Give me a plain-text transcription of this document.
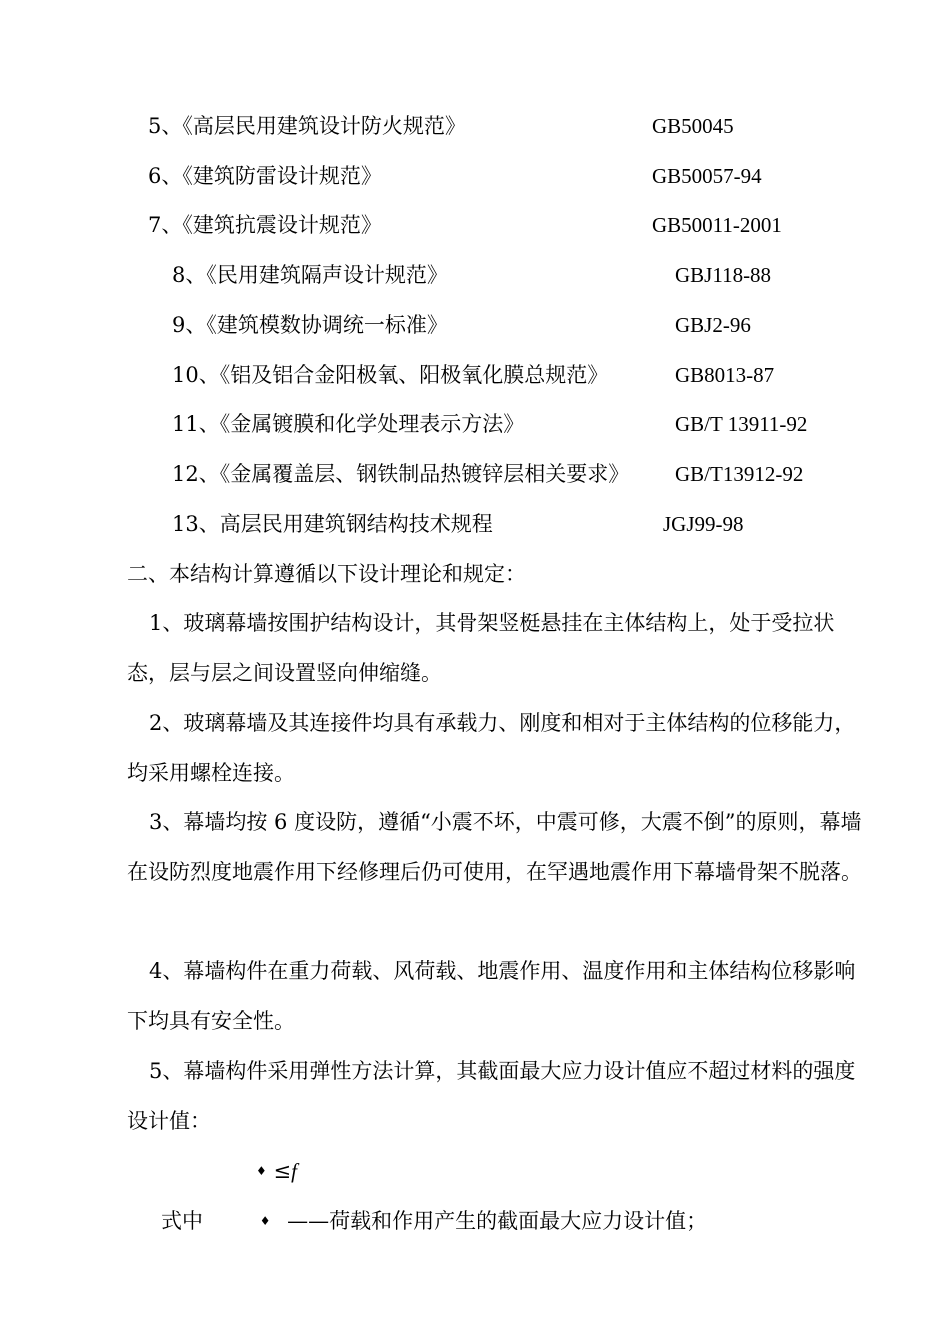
5、《高层民用建筑设计防火规范》	GB50045
6、《建筑防雷设计规范》	GB50057-94
7、《建筑抗震设计规范》	GB50011-2001
8、《民用建筑隔声设计规范》	GBJ118-88
9、《建筑模数协调统一标准》	GBJ2-96
10、《铝及铝合金阳极氧、阳极氧化膜总规范》	GB8013-87
11、《金属镀膜和化学处理表示方法》	GB/T 13911-92
12、《金属覆盖层、钢铁制品热镀锌层相关要求》 GB/T13912-92
13、高层民用建筑钢结构技术规程	JGJ99-98
二、本结构计算遵循以下设计理论和规定：
1、玻璃幕墙按围护结构设计，其骨架竖梃悬挂在主体结构上，处于受拉状态，层与层之间设置竖向伸缩缝。
2、玻璃幕墙及其连接件均具有承载力、刚度和相对于主体结构的位移能力，均采用螺栓连接。
3、幕墙均按 6 度设防，遵循“小震不坏，中震可修，大震不倒”的原则，幕墙在设防烈度地震作用下经修理后仍可使用，在罕遇地震作用下幕墙骨架不脱落。
4、幕墙构件在重力荷载、风荷载、地震作用、温度作用和主体结构位移影响下均具有安全性。
5、幕墙构件采用弹性方法计算，其截面最大应力设计值应不超过材料的强度设计值：
♦ ≤f
式中	♦ ——荷载和作用产生的截面最大应力设计值；
